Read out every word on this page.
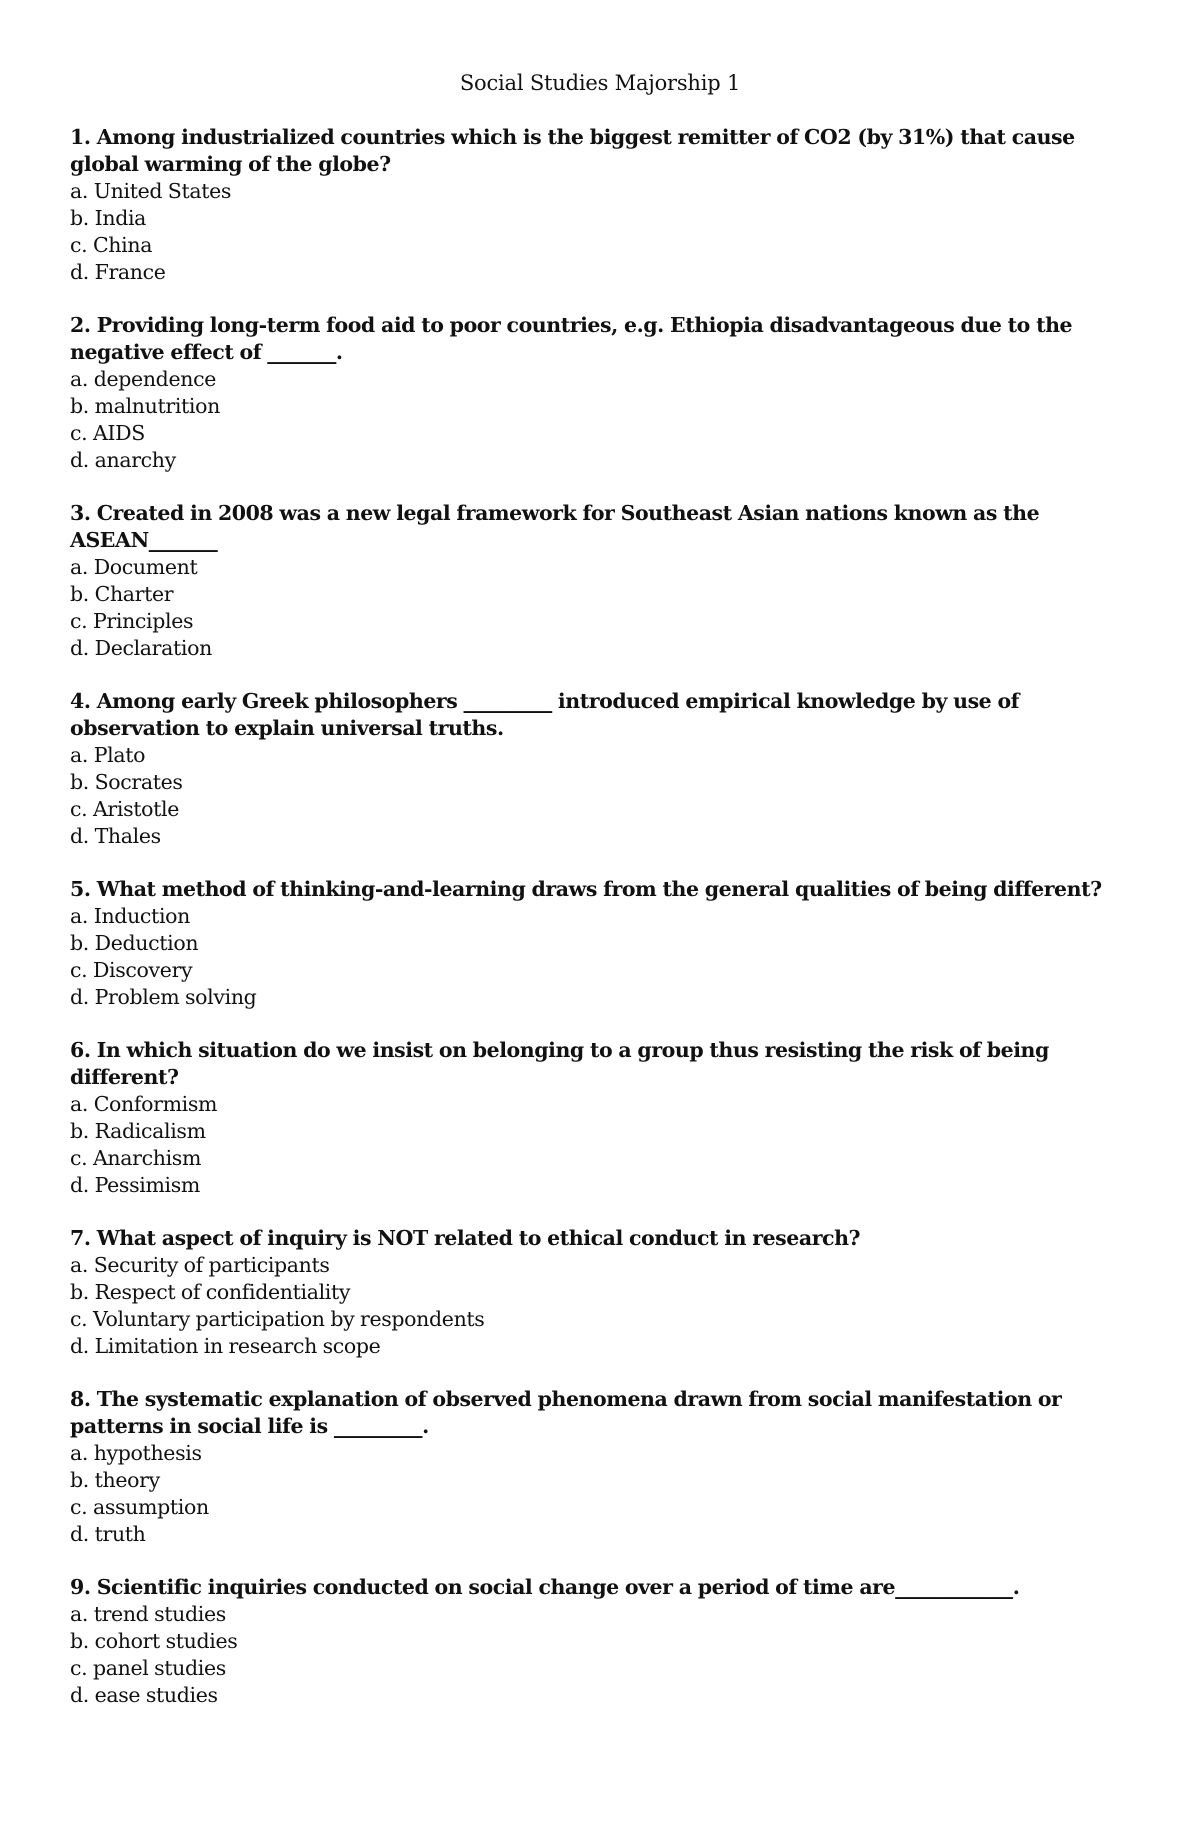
Social Studies Majorship 1
1. Among industrialized countries which is the biggest remitter of CO2 (by 31%) that cause global warming of the globe?
a. United States
b. India
c. China
d. France
2. Providing long-term food aid to poor countries, e.g. Ethiopia disadvantageous due to the negative effect of _______.
a. dependence
b. malnutrition
c. AIDS
d. anarchy
3. Created in 2008 was a new legal framework for Southeast Asian nations known as the ASEAN_______
a. Document
b. Charter
c. Principles
d. Declaration
4. Among early Greek philosophers _________ introduced empirical knowledge by use of observation to explain universal truths.
a. Plato
b. Socrates
c. Aristotle
d. Thales
5. What method of thinking-and-learning draws from the general qualities of being different?
a. Induction
b. Deduction
c. Discovery
d. Problem solving
6. In which situation do we insist on belonging to a group thus resisting the risk of being different?
a. Conformism
b. Radicalism
c. Anarchism
d. Pessimism
7. What aspect of inquiry is NOT related to ethical conduct in research?
a. Security of participants
b. Respect of confidentiality
c. Voluntary participation by respondents
d. Limitation in research scope
8. The systematic explanation of observed phenomena drawn from social manifestation or patterns in social life is _________.
a. hypothesis
b. theory
c. assumption
d. truth
9. Scientific inquiries conducted on social change over a period of time are____________.
a. trend studies
b. cohort studies
c. panel studies
d. ease studies
